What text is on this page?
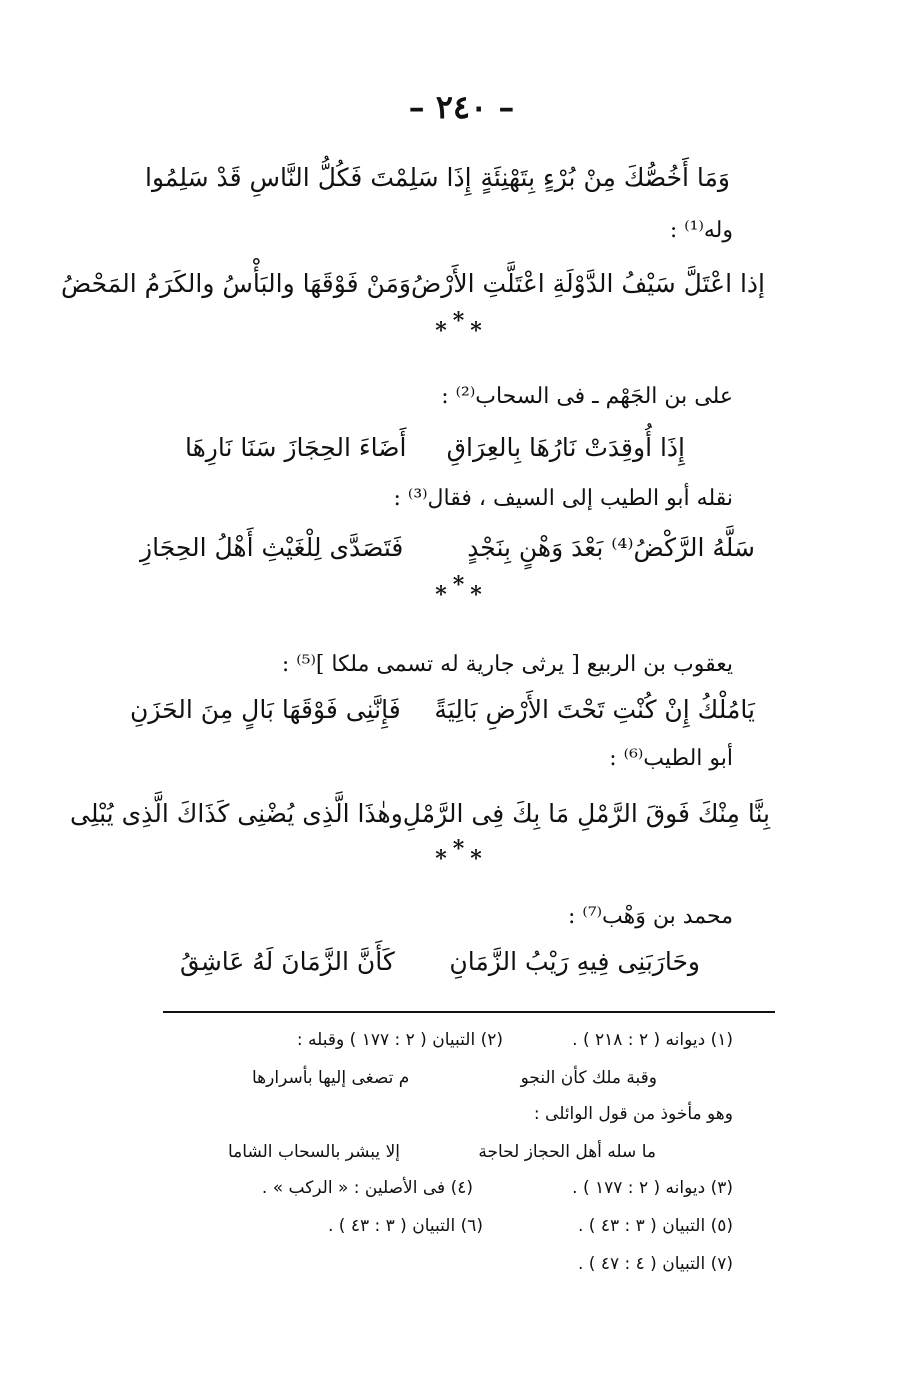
– ٢٤٠ –
وَمَا أَخُصُّكَ مِنْ بُرْءٍ بِتَهْنِئَةٍ
إِذَا سَلِمْتَ فَكُلُّ النَّاسِ قَدْ سَلِمُوا
وله⁽¹⁾ :
إذا اعْتَلَّ سَيْفُ الدَّوْلَةِ اعْتَلَّتِ الأَرْضُ
وَمَنْ فَوْقَهَا والبَأْسُ والكَرَمُ المَحْضُ
***
على بن الجَهْم ـ فى السحاب⁽²⁾ :
إِذَا أُوقِدَتْ نَارُهَا بِالعِرَاقِ
أَضَاءَ الحِجَازَ سَنَا نَارِهَا
نقله أبو الطيب إلى السيف ، فقال⁽³⁾ :
سَلَّهُ الرَّكْضُ⁽⁴⁾ بَعْدَ وَهْنٍ بِنَجْدٍ
فَتَصَدَّى لِلْغَيْثِ أَهْلُ الحِجَازِ
***
يعقوب بن الربيع [ يرثى جارية له تسمى ملكا ]⁽⁵⁾ :
يَامُلْكُ إِنْ كُنْتِ تَحْتَ الأَرْضِ بَالِيَةً
فَإِنَّنِى فَوْقَهَا بَالٍ مِنَ الحَزَنِ
أبو الطيب⁽⁶⁾ :
بِنَّا مِنْكَ فَوقَ الرَّمْلِ مَا بِكَ فِى الرَّمْلِ
وهٰذَا الَّذِى يُضْنِى كَذَاكَ الَّذِى يُبْلِى
***
محمد بن وَهْب⁽⁷⁾ :
وحَارَبَنِى فِيهِ رَيْبُ الزَّمَانِ
كَأَنَّ الزَّمَانَ لَهُ عَاشِقُ
(١) ديوانه ( ٢ : ٢١٨ ) .
(٢) التبيان ( ٢ : ١٧٧ ) وقبله :
وقبة ملك كأن النجو
م تصغى إليها بأسرارها
وهو مأخوذ من قول الوائلى :
ما سله أهل الحجاز لحاجة
إلا يبشر بالسحاب الشاما
(٣) ديوانه ( ٢ : ١٧٧ ) .
(٤) فى الأصلين : « الركب » .
(٥) التبيان ( ٣ : ٤٣ ) .
(٦) التبيان ( ٣ : ٤٣ ) .
(٧) التبيان ( ٤ : ٤٧ ) .
